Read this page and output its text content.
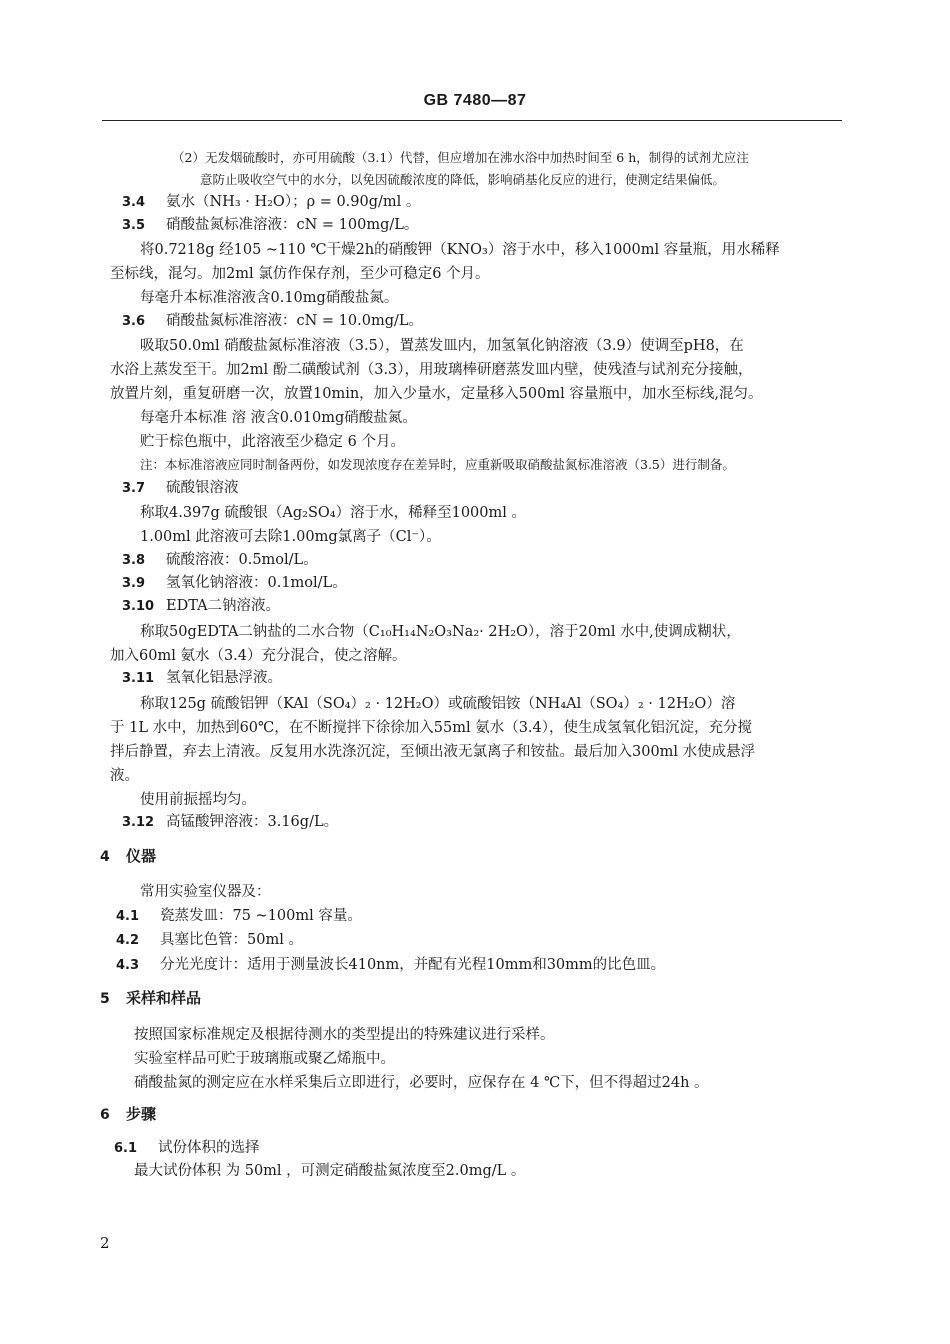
GB 7480—87
（2）无发烟硫酸时，亦可用硫酸（3.1）代替，但应增加在沸水浴中加热时间至 6 h，制得的试剂尤应注
意防止吸收空气中的水分，以免因硫酸浓度的降低，影响硝基化反应的进行，使测定结果偏低。
3.4 氨水（NH₃ · H₂O）；ρ = 0.90g/ml 。
3.5 硝酸盐氮标准溶液：cN = 100mg/L。
将0.7218g 经105 ~110 ℃干燥2h的硝酸钾（KNO₃）溶于水中，移入1000ml 容量瓶，用水稀释
至标线，混匀。加2ml 氯仿作保存剂，至少可稳定6 个月。
每毫升本标准溶液含0.10mg硝酸盐氮。
3.6 硝酸盐氮标准溶液：cN = 10.0mg/L。
吸取50.0ml 硝酸盐氮标准溶液（3.5），置蒸发皿内，加氢氧化钠溶液（3.9）使调至pH8，在
水浴上蒸发至干。加2ml 酚二磺酸试剂（3.3），用玻璃棒研磨蒸发皿内壁，使残渣与试剂充分接触，
放置片刻，重复研磨一次，放置10min，加入少量水，定量移入500ml 容量瓶中，加水至标线,混匀。
每毫升本标准 溶 液含0.010mg硝酸盐氮。
贮于棕色瓶中，此溶液至少稳定 6 个月。
注：本标准溶液应同时制备两份，如发现浓度存在差异时，应重新吸取硝酸盐氮标准溶液（3.5）进行制备。
3.7 硫酸银溶液
称取4.397g 硫酸银（Ag₂SO₄）溶于水，稀释至1000ml 。
1.00ml 此溶液可去除1.00mg氯离子（Cl⁻）。
3.8 硫酸溶液：0.5mol/L。
3.9 氢氧化钠溶液：0.1mol/L。
3.10 EDTA二钠溶液。
称取50gEDTA二钠盐的二水合物（C₁₀H₁₄N₂O₃Na₂· 2H₂O），溶于20ml 水中,使调成糊状，
加入60ml 氨水（3.4）充分混合，使之溶解。
3.11 氢氧化铝悬浮液。
称取125g 硫酸铝钾（KAl（SO₄）₂ · 12H₂O）或硫酸铝铵（NH₄Al（SO₄）₂ · 12H₂O）溶
于 1L 水中，加热到60℃，在不断搅拌下徐徐加入55ml 氨水（3.4），使生成氢氧化铝沉淀，充分搅
拌后静置，弃去上清液。反复用水洗涤沉淀，至倾出液无氯离子和铵盐。最后加入300ml 水使成悬浮
液。
使用前振摇均匀。
3.12 高锰酸钾溶液：3.16g/L。
4 仪器
常用实验室仪器及：
4.1 瓷蒸发皿：75 ~100ml 容量。
4.2 具塞比色管：50ml 。
4.3 分光光度计：适用于测量波长410nm，并配有光程10mm和30mm的比色皿。
5 采样和样品
按照国家标准规定及根据待测水的类型提出的特殊建议进行采样。
实验室样品可贮于玻璃瓶或聚乙烯瓶中。
硝酸盐氮的测定应在水样采集后立即进行，必要时，应保存在 4 ℃下，但不得超过24h 。
6 步骤
6.1 试份体积的选择
最大试份体积 为 50ml ，可测定硝酸盐氮浓度至2.0mg/L 。
2
